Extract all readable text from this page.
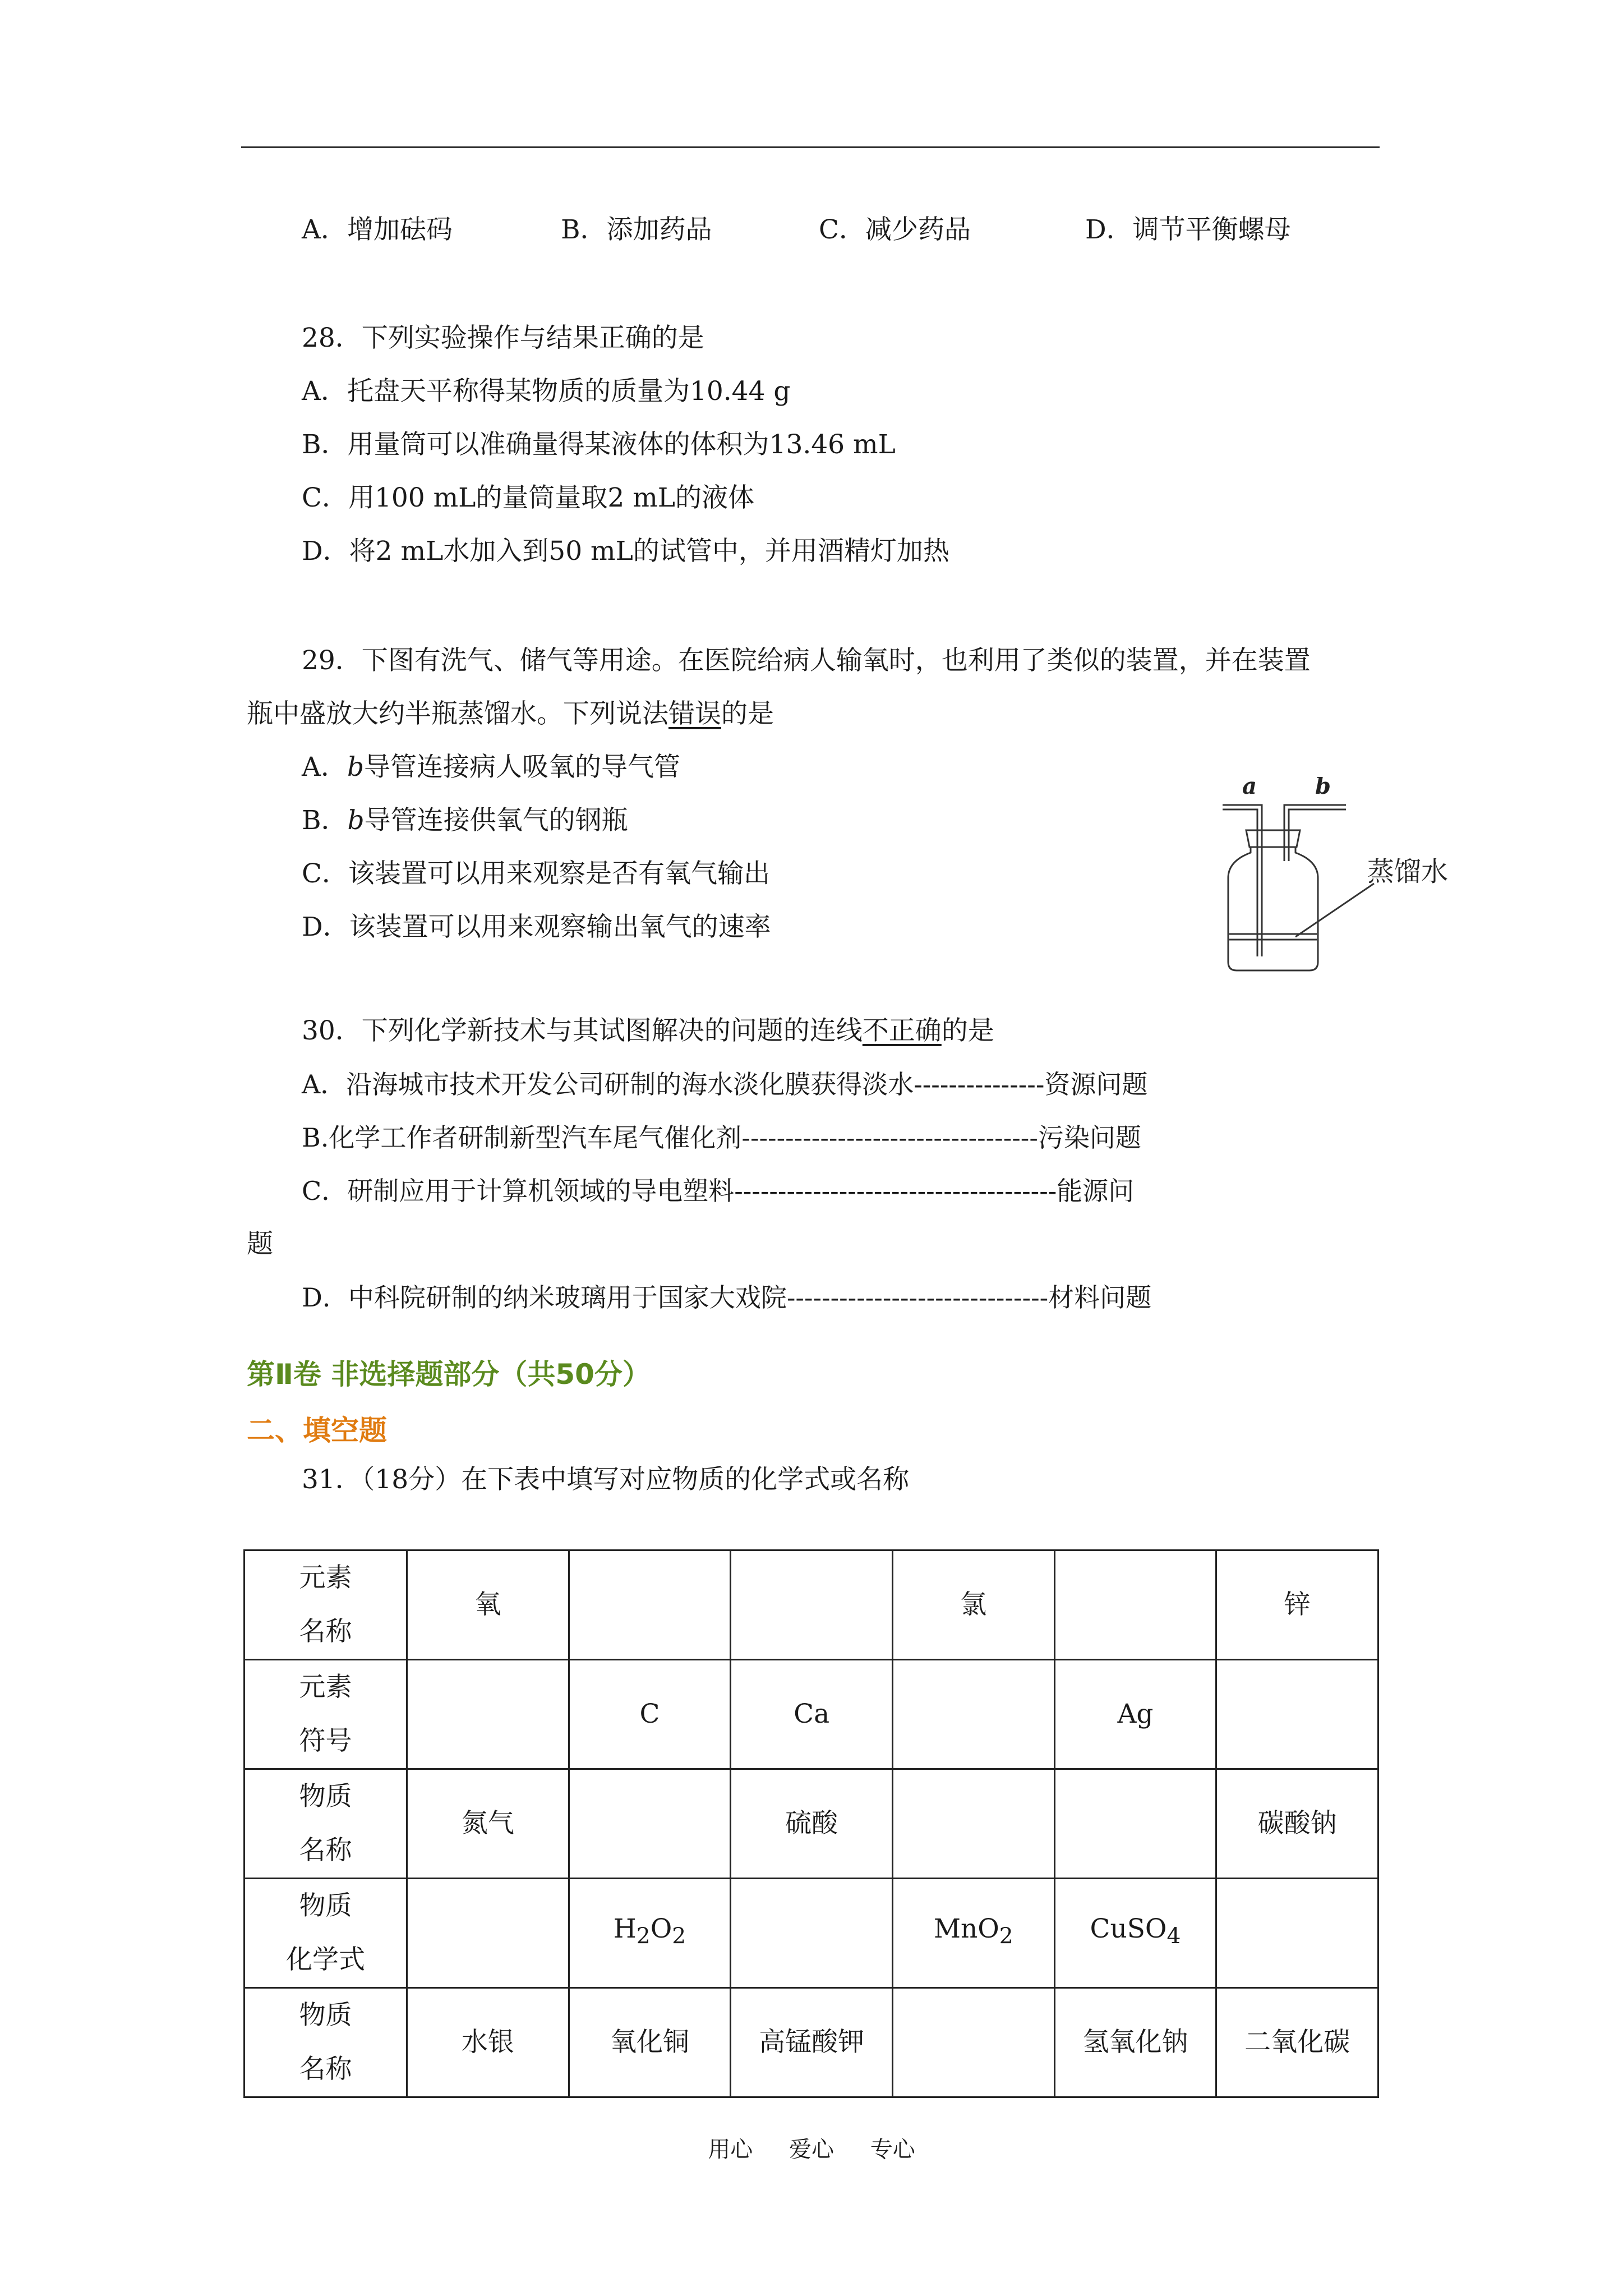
A．增加砝码	B．添加药品	C．减少药品	D．调节平衡螺母
28．下列实验操作与结果正确的是
A．托盘天平称得某物质的质量为10.44 g
B．用量筒可以准确量得某液体的体积为13.46 mL
C．用100 mL的量筒量取2 mL的液体
D．将2 mL水加入到50 mL的试管中，并用酒精灯加热
29．下图有洗气、储气等用途。在医院给病人输氧时，也利用了类似的装置，并在装置
瓶中盛放大约半瓶蒸馏水。下列说法错误的是
A．b导管连接病人吸氧的导气管
B．b导管连接供氧气的钢瓶
C．该装置可以用来观察是否有氧气输出
D．该装置可以用来观察输出氧气的速率
a	b
蒸馏水
30．下列化学新技术与其试图解决的问题的连线不正确的是
A．沿海城市技术开发公司研制的海水淡化膜获得淡水---------------资源问题
B.化学工作者研制新型汽车尾气催化剂----------------------------------污染问题
C．研制应用于计算机领域的导电塑料-------------------------------------能源问
题
D．中科院研制的纳米玻璃用于国家大戏院------------------------------材料问题
第Ⅱ卷 非选择题部分（共50分）
二、填空题
31．（18分）在下表中填写对应物质的化学式或名称
元素
名称	氧			氯		锌
元素
符号		C	Ca		Ag	
物质
名称	氮气		硫酸			碳酸钠
物质
化学式		$H_2O_2$		MnO$_2$	CuSO$_4$	
物质
名称	水银	氧化铜	高锰酸钾		氢氧化钠	二氧化碳
用心 爱心 专心
